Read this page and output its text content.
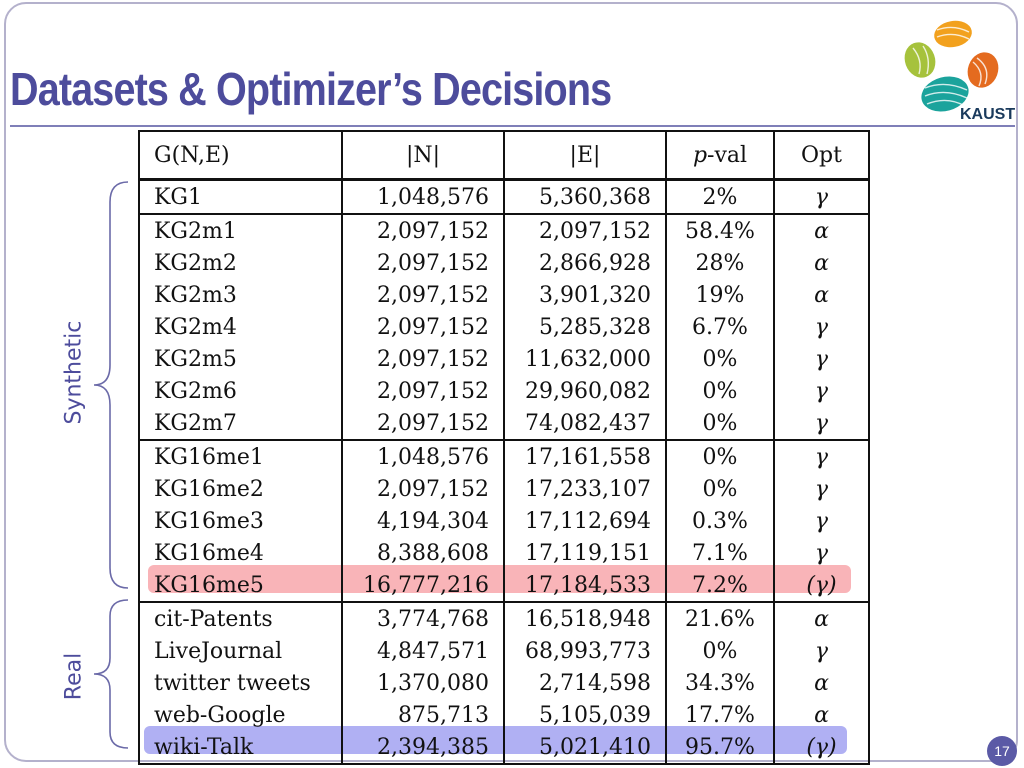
Datasets & Optimizer’s Decisions	KAUST
Synthetic
Real
G(N,E)	|N|	|E|	p-val	Opt
KG1	1,048,576	5,360,368	2%	γ
KG2m1	2,097,152	2,097,152	58.4%	α
KG2m2	2,097,152	2,866,928	28%	α
KG2m3	2,097,152	3,901,320	19%	α
KG2m4	2,097,152	5,285,328	6.7%	γ
KG2m5	2,097,152	11,632,000	0%	γ
KG2m6	2,097,152	29,960,082	0%	γ
KG2m7	2,097,152	74,082,437	0%	γ
KG16me1	1,048,576	17,161,558	0%	γ
KG16me2	2,097,152	17,233,107	0%	γ
KG16me3	4,194,304	17,112,694	0.3%	γ
KG16me4	8,388,608	17,119,151	7.1%	γ
KG16me5	16,777,216	17,184,533	7.2%	(γ)
cit-Patents	3,774,768	16,518,948	21.6%	α
LiveJournal	4,847,571	68,993,773	0%	γ
twitter tweets	1,370,080	2,714,598	34.3%	α
web-Google	875,713	5,105,039	17.7%	α
wiki-Talk	2,394,385	5,021,410	95.7%	(γ)	17
